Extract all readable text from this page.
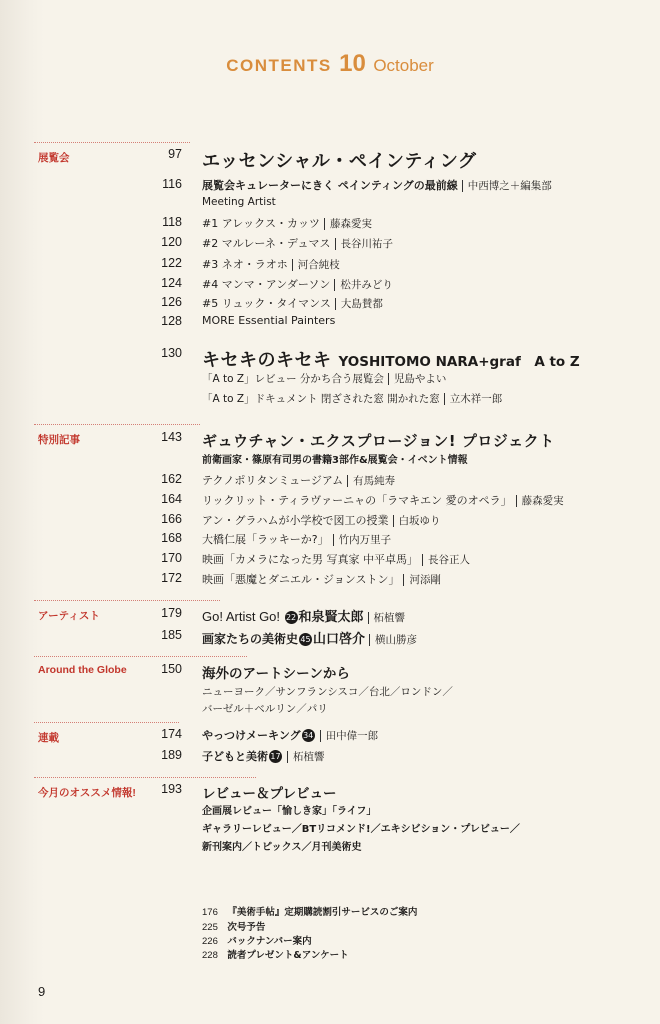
CONTENTS 10 October
展覧会	97 エッセンシャル・ペインティング
116 展覧会キュレーターにきく ペインティングの最前線 中西博之＋編集部
Meeting Artist
118 #1 アレックス・カッツ 藤森愛実
120 #2 マルレーネ・デュマス 長谷川祐子
122 #3 ネオ・ラオホ 河合純枝
124 #4 マンマ・アンダーソン 松井みどり
126 #5 リュック・タイマンス 大島賛都
128 MORE Essential Painters
130 キセキのキセキ YOSHITOMO NARA+graf　A to Z
「A to Z」レビュー 分かち合う展覧会 児島やよい
「A to Z」ドキュメント 閉ざされた窓 開かれた窓 立木祥一郎
特別記事	143 ギュウチャン・エクスプロージョン! プロジェクト
前衛画家・篠原有司男の書籍3部作&展覧会・イベント情報
162 テクノポリタンミュージアム 有馬純寿
164 リックリット・ティラヴァーニャの「ラマキエン 愛のオペラ」 藤森愛実
166 アン・グラハムが小学校で図工の授業 白坂ゆり
168 大橋仁展「ラッキーか?」 竹内万里子
170 映画「カメラになった男 写真家 中平卓馬」 長谷正人
172 映画「悪魔とダニエル・ジョンストン」 河添剛
アーティスト	179 Go! Artist Go! 22 和泉賢太郎 柘植響
185 画家たちの美術史 45 山口啓介 横山勝彦
Around the Globe	150 海外のアートシーンから
ニューヨーク／サンフランシスコ／台北／ロンドン／
バーゼル＋ベルリン／パリ
連載	174 やっつけメーキング 34 田中偉一郎
189 子どもと美術 17 柘植響
今月のオススメ情報! 193 レビュー＆プレビュー
企画展レビュー「愉しき家」「ライフ」
ギャラリーレビュー／BTリコメンド!／エキシビション・プレビュー／
新刊案内／トピックス／月刊美術史
176 『美術手帖』定期購読割引サービスのご案内
225 次号予告
226 バックナンバー案内
228 読者プレゼント&アンケート
9
